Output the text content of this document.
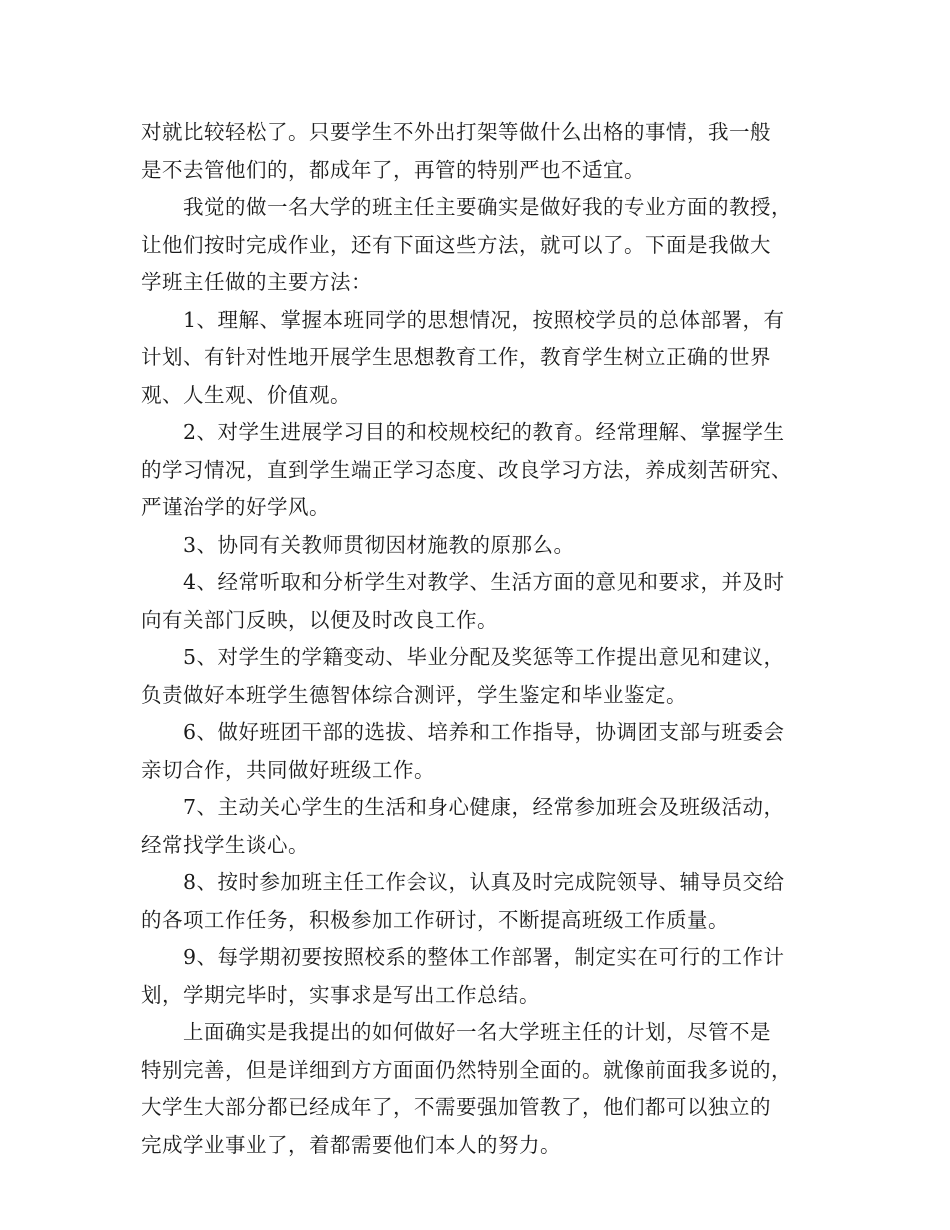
对就比较轻松了。只要学生不外出打架等做什么出格的事情，我一般
是不去管他们的，都成年了，再管的特别严也不适宜。

我觉的做一名大学的班主任主要确实是做好我的专业方面的教授，
让他们按时完成作业，还有下面这些方法，就可以了。下面是我做大
学班主任做的主要方法：

1、理解、掌握本班同学的思想情况，按照校学员的总体部署，有
计划、有针对性地开展学生思想教育工作，教育学生树立正确的世界
观、人生观、价值观。

2、对学生进展学习目的和校规校纪的教育。经常理解、掌握学生
的学习情况，直到学生端正学习态度、改良学习方法，养成刻苦研究、
严谨治学的好学风。

3、协同有关教师贯彻因材施教的原那么。

4、经常听取和分析学生对教学、生活方面的意见和要求，并及时
向有关部门反映，以便及时改良工作。

5、对学生的学籍变动、毕业分配及奖惩等工作提出意见和建议，
负责做好本班学生德智体综合测评，学生鉴定和毕业鉴定。

6、做好班团干部的选拔、培养和工作指导，协调团支部与班委会
亲切合作，共同做好班级工作。

7、主动关心学生的生活和身心健康，经常参加班会及班级活动，
经常找学生谈心。

8、按时参加班主任工作会议，认真及时完成院领导、辅导员交给
的各项工作任务，积极参加工作研讨，不断提高班级工作质量。

9、每学期初要按照校系的整体工作部署，制定实在可行的工作计
划，学期完毕时，实事求是写出工作总结。

上面确实是我提出的如何做好一名大学班主任的计划，尽管不是
特别完善，但是详细到方方面面仍然特别全面的。就像前面我多说的，
大学生大部分都已经成年了，不需要强加管教了，他们都可以独立的
完成学业事业了，着都需要他们本人的努力。
